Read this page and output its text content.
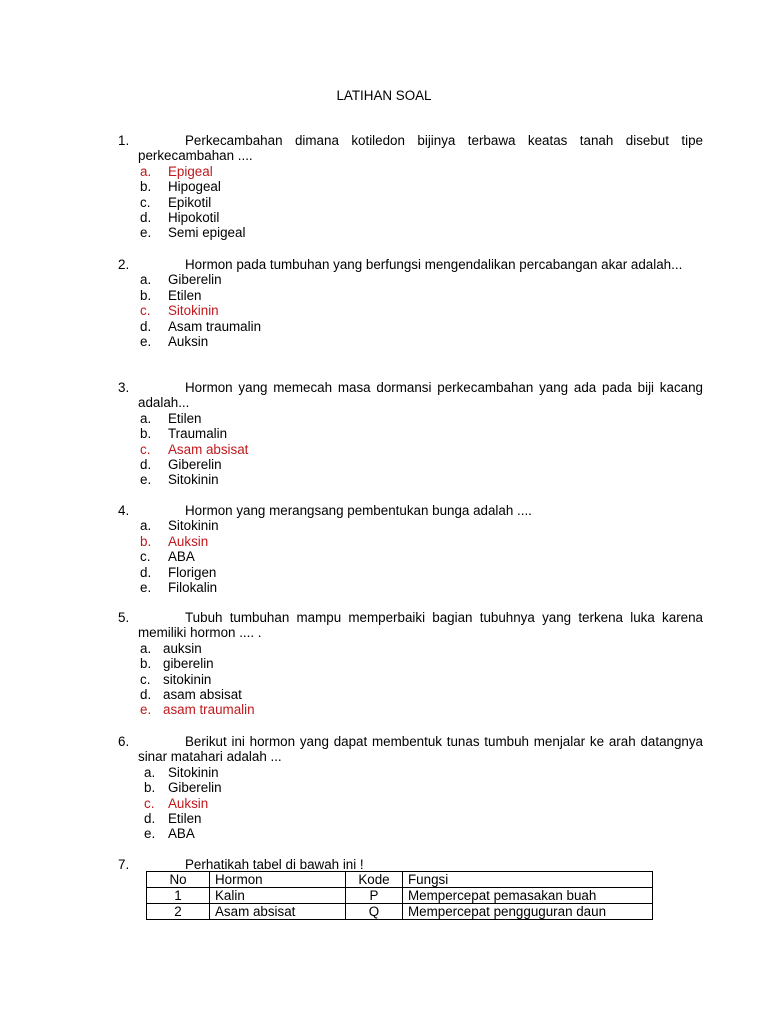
LATIHAN SOAL
1.	Perkecambahan dimana kotiledon bijinya terbawa keatas tanah disebut tipe perkecambahan ....
a. Epigeal
b. Hipogeal
c. Epikotil
d. Hipokotil
e. Semi epigeal
2.	Hormon pada tumbuhan yang berfungsi mengendalikan percabangan akar adalah...
a. Giberelin
b. Etilen
c. Sitokinin
d. Asam traumalin
e. Auksin
3.	Hormon yang memecah masa dormansi perkecambahan yang ada pada biji kacang adalah...
a. Etilen
b. Traumalin
c. Asam absisat
d. Giberelin
e. Sitokinin
4.	Hormon yang merangsang pembentukan bunga adalah ....
a. Sitokinin
b. Auksin
c. ABA
d. Florigen
e. Filokalin
5.	Tubuh tumbuhan mampu memperbaiki bagian tubuhnya yang terkena luka karena memiliki hormon .... .
a. auksin
b. giberelin
c. sitokinin
d. asam absisat
e. asam traumalin
6.	Berikut ini hormon yang dapat membentuk tunas tumbuh menjalar ke arah datangnya sinar matahari adalah ...
a. Sitokinin
b. Giberelin
c. Auksin
d. Etilen
e. ABA
7.	Perhatikah tabel di bawah ini !
No	Hormon	Kode	Fungsi
1	Kalin	P	Mempercepat pemasakan buah
2	Asam absisat	Q	Mempercepat pengguguran daun
